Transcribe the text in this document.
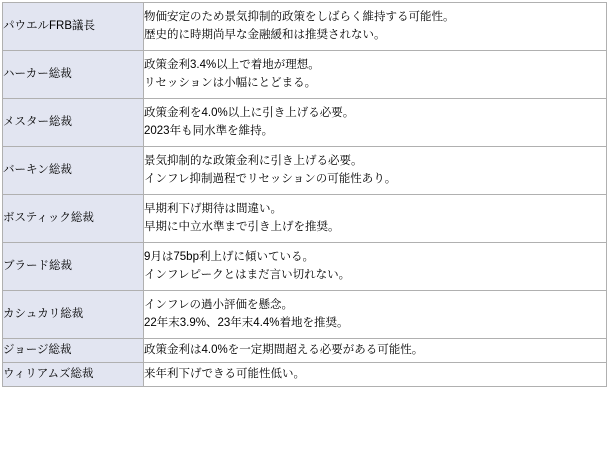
パウエルFRB議長	物価安定のため景気抑制的政策をしばらく維持する可能性。
歴史的に時期尚早な金融緩和は推奨されない。

ハーカー総裁	政策金利3.4%以上で着地が理想。
リセッションは小幅にとどまる。

メスター総裁	政策金利を4.0%以上に引き上げる必要。
2023年も同水準を維持。

バーキン総裁	景気抑制的な政策金利に引き上げる必要。
インフレ抑制過程でリセッションの可能性あり。

ボスティック総裁	早期利下げ期待は間違い。
早期に中立水準まで引き上げを推奨。

ブラード総裁	9月は75bp利上げに傾いている。
インフレピークとはまだ言い切れない。

カシュカリ総裁	インフレの過小評価を懸念。
22年末3.9%、23年末4.4%着地を推奨。

ジョージ総裁	政策金利は4.0%を一定期間超える必要がある可能性。

ウィリアムズ総裁	来年利下げできる可能性低い。
